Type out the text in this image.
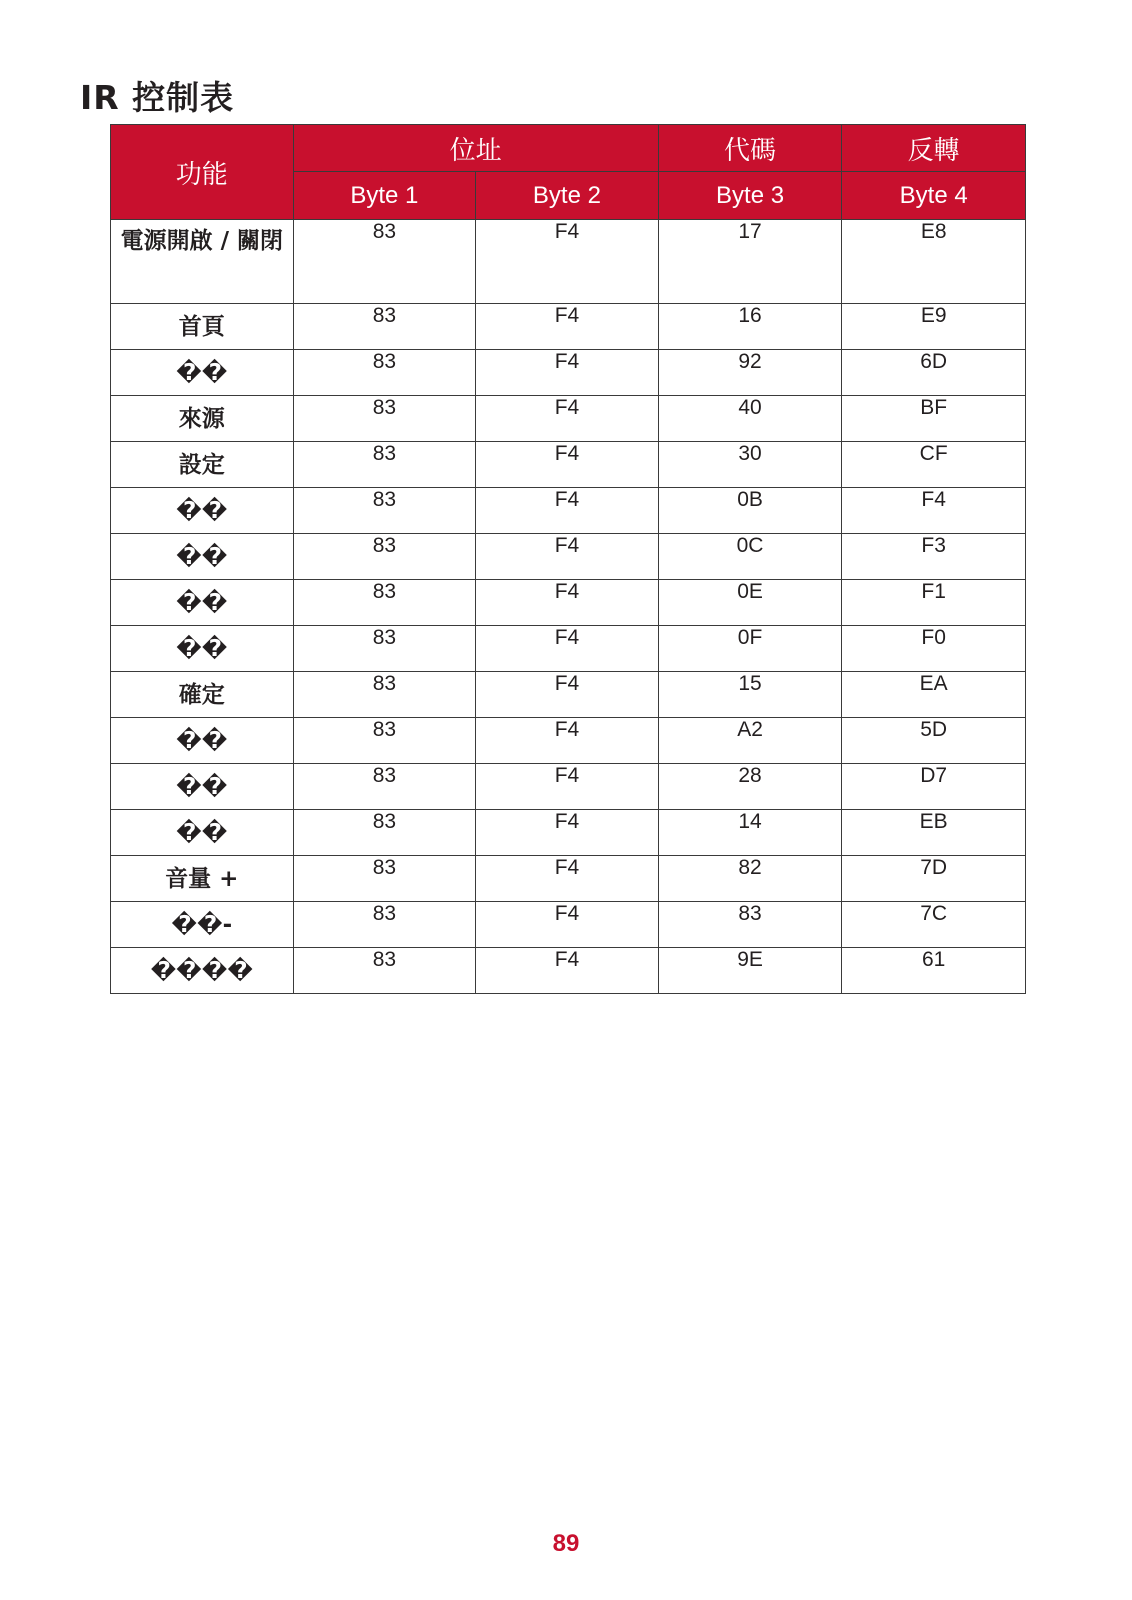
IR 控制表
功能	位址		代碼	反轉
	Byte 1	Byte 2	Byte 3	Byte 4
電源開啟 / 關閉	83	F4	17	E8
首頁	83	F4	16	E9
��	83	F4	92	6D
來源	83	F4	40	BF
設定	83	F4	30	CF
��	83	F4	0B	F4
��	83	F4	0C	F3
��	83	F4	0E	F1
��	83	F4	0F	F0
確定	83	F4	15	EA
��	83	F4	A2	5D
��	83	F4	28	D7
��	83	F4	14	EB
音量 +	83	F4	82	7D
��-	83	F4	83	7C
����	83	F4	9E	61
89
